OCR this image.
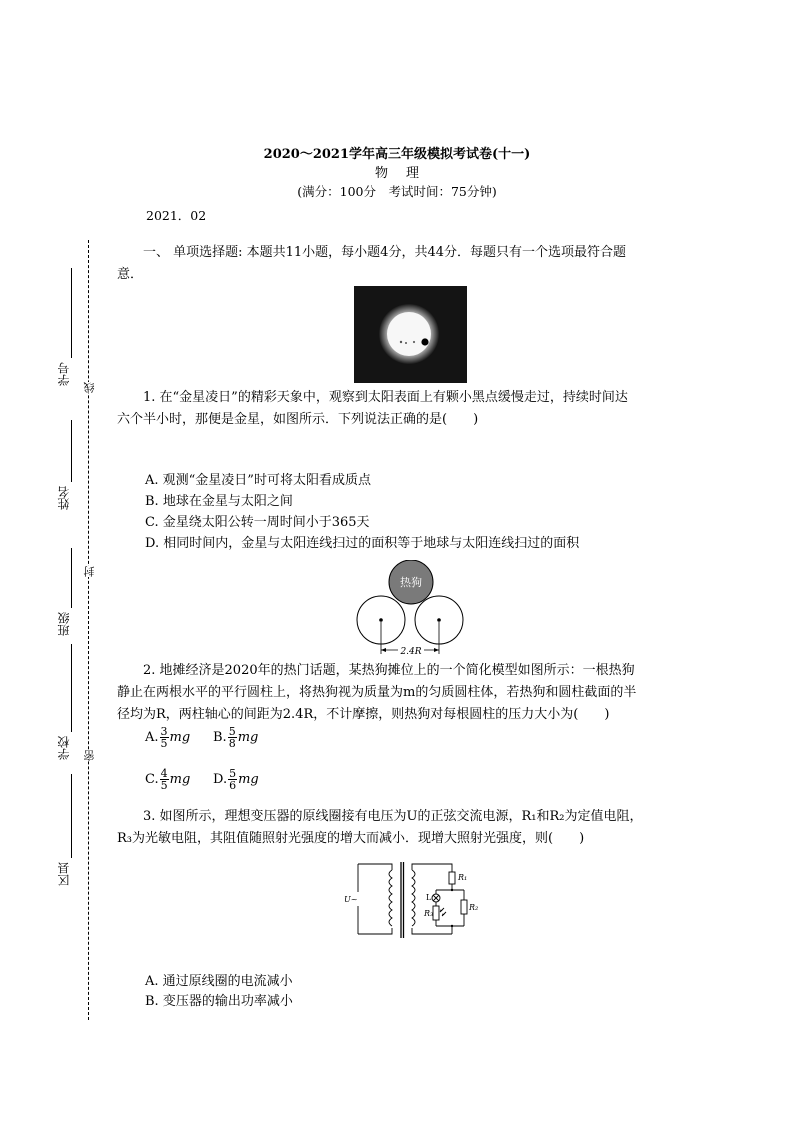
线
封
密
学号
姓名
班级
学校
区县
2020～2021学年高三年级模拟考试卷(十一)
物理
(满分：100分　考试时间：75分钟)
2021．02
一、 单项选择题: 本题共11小题，每小题4分，共44分．每题只有一个选项最符合题
意．
1. 在“金星凌日”的精彩天象中，观察到太阳表面上有颗小黑点缓慢走过，持续时间达
六个半小时，那便是金星，如图所示．下列说法正确的是(　　)
A. 观测“金星凌日”时可将太阳看成质点
B. 地球在金星与太阳之间
C. 金星绕太阳公转一周时间小于365天
D. 相同时间内，金星与太阳连线扫过的面积等于地球与太阳连线扫过的面积
热狗
2.4R
2. 地摊经济是2020年的热门话题，某热狗摊位上的一个简化模型如图所示：一根热狗
静止在两根水平的平行圆柱上，将热狗视为质量为m的匀质圆柱体，若热狗和圆柱截面的半
径均为R，两柱轴心的间距为2.4R，不计摩擦，则热狗对每根圆柱的压力大小为(　　)
A. $\frac{3}{5}$ mg B. $\frac{5}{8}$ mg
C. $\frac{4}{5}$ mg D. $\frac{5}{6}$ mg
3. 如图所示，理想变压器的原线圈接有电压为U的正弦交流电源，R₁和R₂为定值电阻，
R₃为光敏电阻，其阻值随照射光强度的增大而减小．现增大照射光强度，则(　　)
U~
R₁
L
R₃
R₂
A. 通过原线圈的电流减小
B. 变压器的输出功率减小
